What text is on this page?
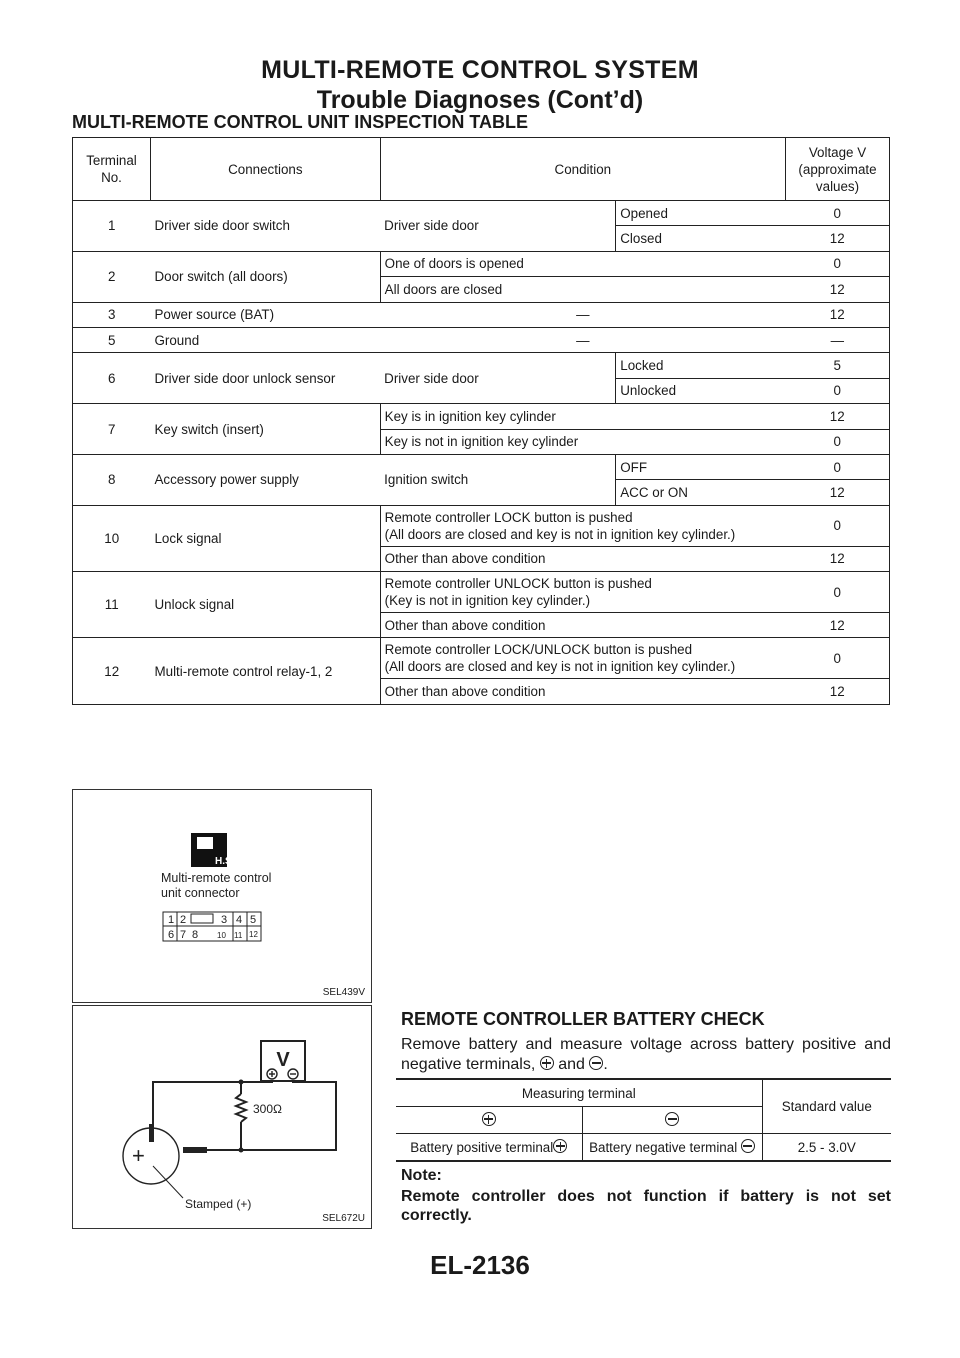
MULTI-REMOTE CONTROL SYSTEM
Trouble Diagnoses (Cont’d)
MULTI-REMOTE CONTROL UNIT INSPECTION TABLE
Terminal No.	Connections	Condition		Voltage V (approximate values)
1	Driver side door switch	Driver side door	Opened	0
			Closed	12
2	Door switch (all doors)	One of doors is opened		0
		All doors are closed		12
3	Power source (BAT)	—		12
5	Ground	—		—
6	Driver side door unlock sensor	Driver side door	Locked	5
			Unlocked	0
7	Key switch (insert)	Key is in ignition key cylinder		12
		Key is not in ignition key cylinder		0
8	Accessory power supply	Ignition switch	OFF	0
			ACC or ON	12
10	Lock signal	Remote controller LOCK button is pushed
(All doors are closed and key is not in ignition key cylinder.)		0
		Other than above condition		12
11	Unlock signal	Remote controller UNLOCK button is pushed
(Key is not in ignition key cylinder.)		0
		Other than above condition		12
12	Multi-remote control relay-1, 2	Remote controller LOCK/UNLOCK button is pushed
(All doors are closed and key is not in ignition key cylinder.)		0
		Other than above condition		12
H.S.
Multi-remote control
unit connector
1 2	3 4 5
6 7 8 10 11 12
SEL439V
V
300Ω
+
Stamped (+)
SEL672U
REMOTE CONTROLLER BATTERY CHECK
Remove battery and measure voltage across battery positive and negative terminals, and .
Measuring terminal		Standard value

Battery positive terminal	Battery negative terminal	2.5 - 3.0V
Note:
Remote controller does not function if battery is not set correctly.
EL-2136
